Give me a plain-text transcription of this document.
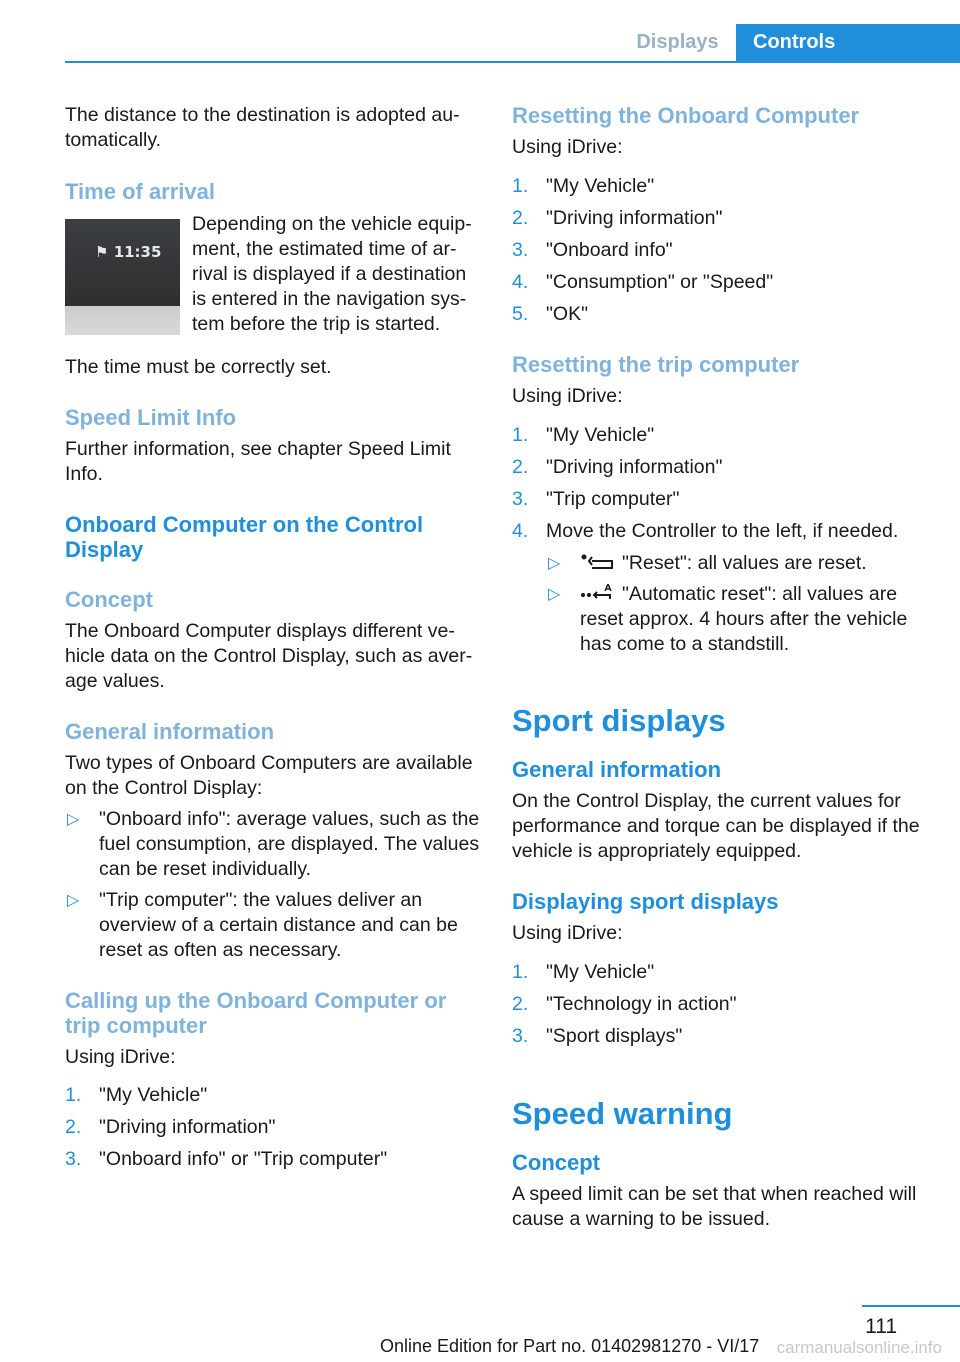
Displays	Controls

The distance to the destination is adopted automatically.

Time of arrival
⚑ 11:35

Depending on the vehicle equipment, the estimated time of arrival is displayed if a destination is entered in the navigation system before the trip is started.

The time must be correctly set.

Speed Limit Info

Further information, see chapter Speed Limit Info.

Onboard Computer on the Control Display
Concept

The Onboard Computer displays different vehicle data on the Control Display, such as average values.

General information

Two types of Onboard Computers are available on the Control Display:

▷ "Onboard info": average values, such as the fuel consumption, are displayed. The values can be reset individually.
▷ "Trip computer": the values deliver an overview of a certain distance and can be reset as often as necessary.
Calling up the Onboard Computer or trip computer

Using iDrive:

1. "My Vehicle"
2. "Driving information"
3. "Onboard info" or "Trip computer"
Resetting the Onboard Computer

Using iDrive:

1. "My Vehicle"
2. "Driving information"
3. "Onboard info"
4. "Consumption" or "Speed"
5. "OK"
Resetting the trip computer

Using iDrive:

1. "My Vehicle"
2. "Driving information"
3. "Trip computer"
4. Move the Controller to the left, if needed.
▷	"Reset": all values are reset.
▷	"Automatic reset": all values are reset approx. 4 hours after the vehicle has come to a standstill.
Sport displays
General information

On the Control Display, the current values for performance and torque can be displayed if the vehicle is appropriately equipped.

Displaying sport displays

Using iDrive:

1. "My Vehicle"
2. "Technology in action"
3. "Sport displays"
Speed warning
Concept

A speed limit can be set that when reached will cause a warning to be issued.

111
Online Edition for Part no. 01402981270 - VI/17 carmanualsonline.info
